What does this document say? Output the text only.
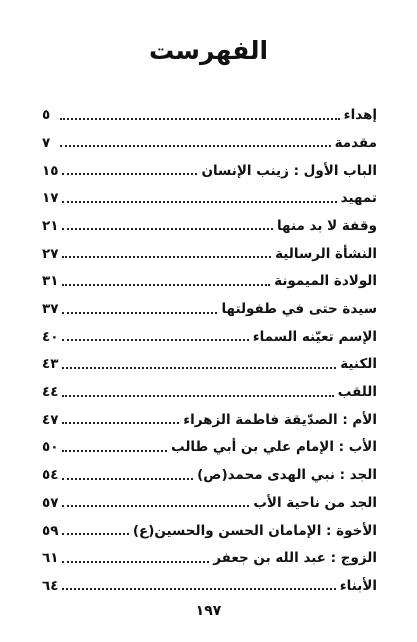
الفهرست
إهداء
٥
مقدمة
٧
الباب الأول : زينب الإنسان
١٥
تمهيد
١٧
وقفة لا بد منها
٢١
النشأة الرسالية
٢٧
الولادة الميمونة
٣١
سيدة حتى في طفولتها
٣٧
الإسم تعيّنه السماء
٤٠
الكنية
٤٣
اللقب
٤٤
الأم : الصدّيقة فاطمة الزهراء
٤٧
الأب : الإمام علي بن أبي طالب
٥٠
الجد : نبي الهدى محمد(ص)
٥٤
الجد من ناحية الأب
٥٧
الأخوة : الإمامان الحسن والحسين(ع)
٥٩
الزوج : عبد الله بن جعفر
٦١
الأبناء
٦٤
١٩٧
